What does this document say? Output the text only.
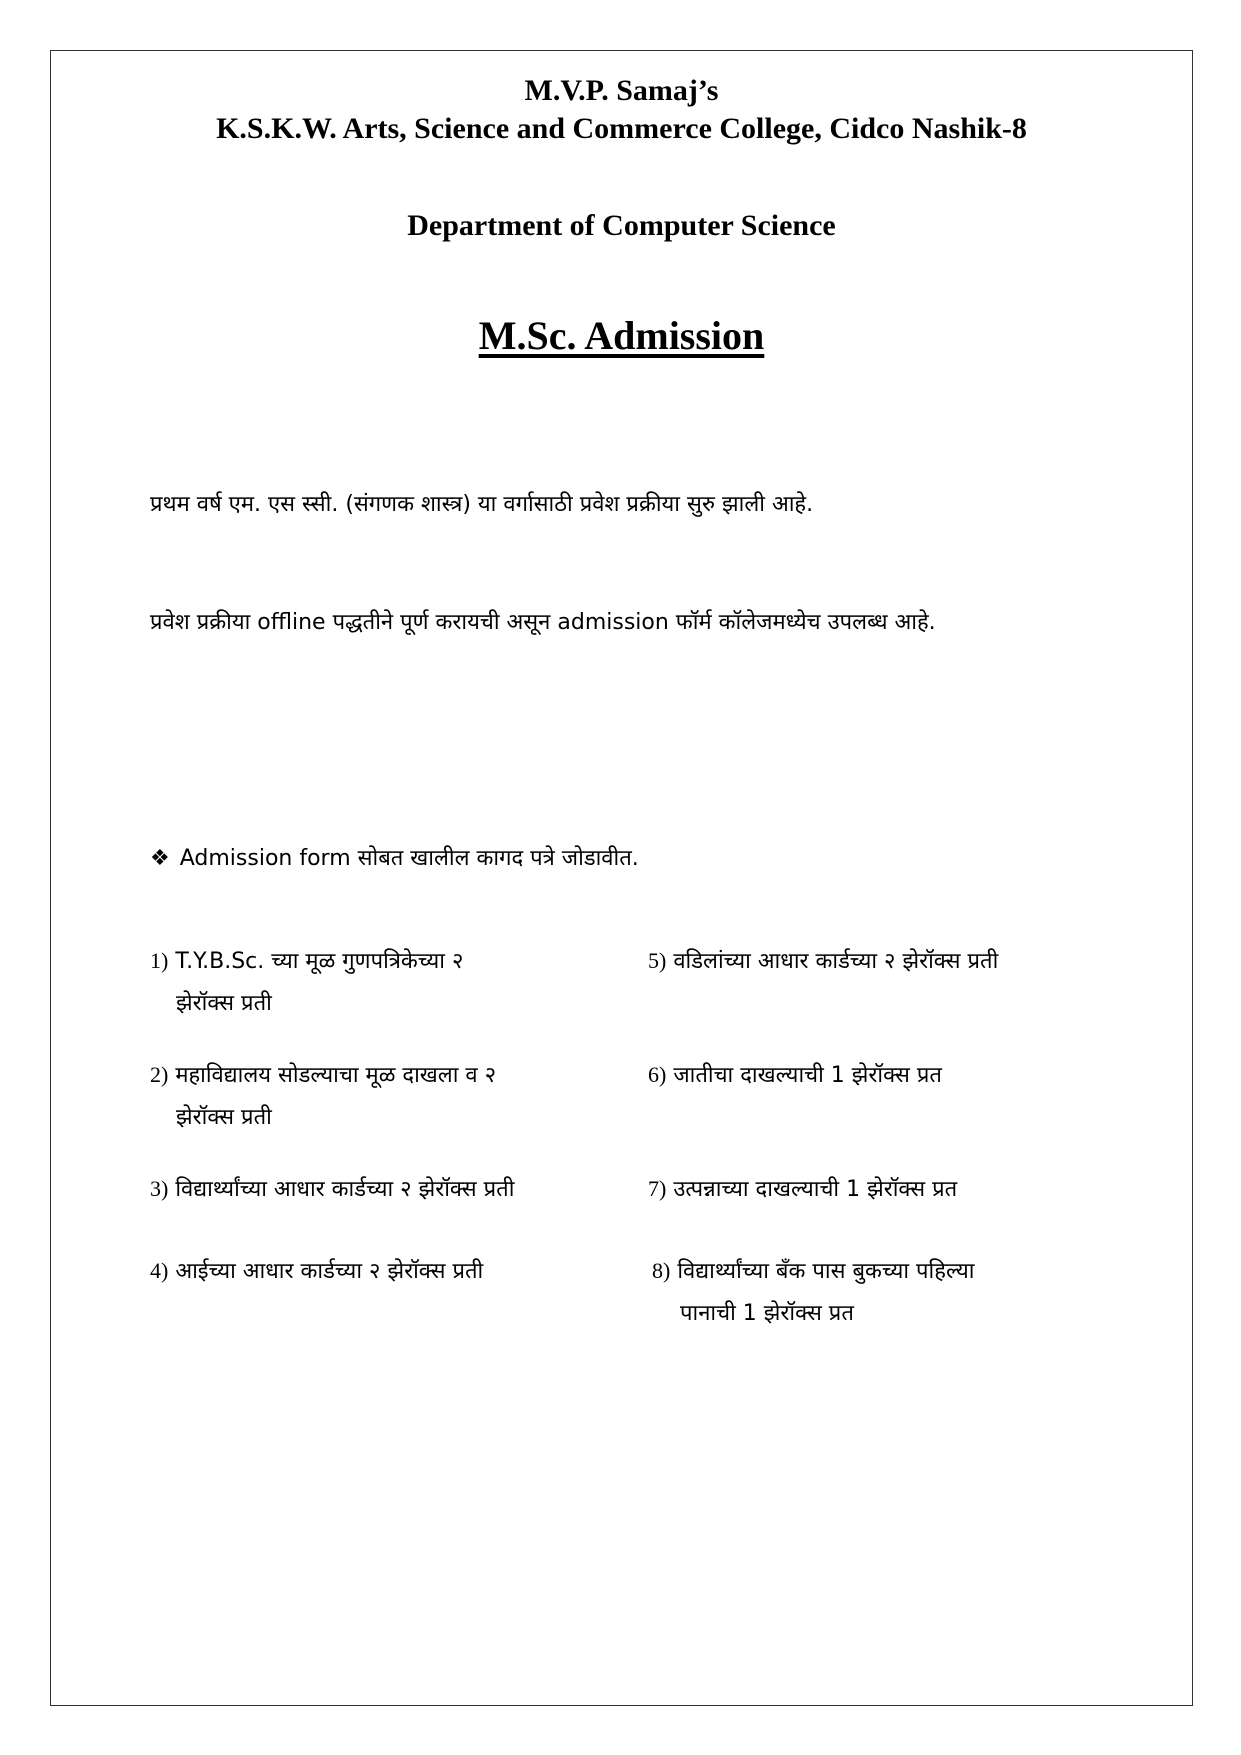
M.V.P. Samaj’s
K.S.K.W. Arts, Science and Commerce College, Cidco Nashik-8
Department of Computer Science
M.Sc. Admission
प्रथम वर्ष एम. एस स्सी. (संगणक शास्त्र) या वर्गासाठी प्रवेश प्रक्रीया सुरु झाली आहे.
प्रवेश प्रक्रीया offline पद्धतीने पूर्ण करायची असून admission फॉर्म कॉलेजमध्येच उपलब्ध आहे.
❖ Admission form सोबत खालील कागद पत्रे जोडावीत.
1) T.Y.B.Sc. च्या मूळ गुणपत्रिकेच्या २
झेरॉक्स प्रती
2) महाविद्यालय सोडल्याचा मूळ दाखला व २
झेरॉक्स प्रती
3) विद्यार्थ्यांच्या आधार कार्डच्या २ झेरॉक्स प्रती
4) आईच्या आधार कार्डच्या २ झेरॉक्स प्रती
5) वडिलांच्या आधार कार्डच्या २ झेरॉक्स प्रती
6) जातीचा दाखल्याची 1 झेरॉक्स प्रत
7) उत्पन्नाच्या दाखल्याची 1 झेरॉक्स प्रत
8) विद्यार्थ्यांच्या बँक पास बुकच्या पहिल्या
पानाची 1 झेरॉक्स प्रत
